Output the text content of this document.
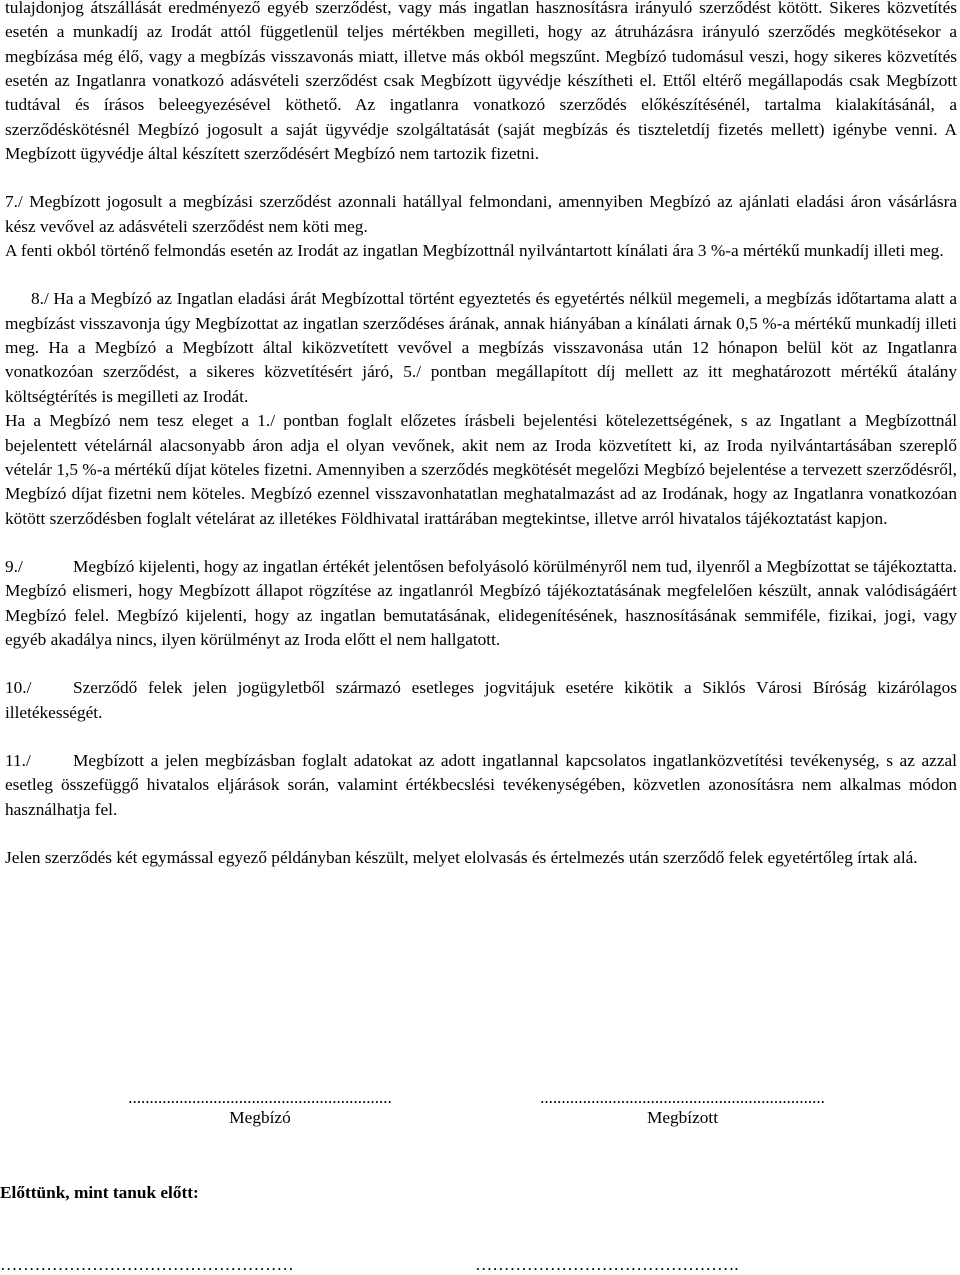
tulajdonjog átszállását eredményező egyéb szerződést, vagy más ingatlan hasznosításra irányuló szerződést kötött. Sikeres közvetítés esetén a munkadíj az Irodát attól függetlenül teljes mértékben megilleti, hogy az átruházásra irányuló szerződés megkötésekor a megbízása még élő, vagy a megbízás visszavonás miatt, illetve más okból megszűnt. Megbízó tudomásul veszi, hogy sikeres közvetítés esetén az Ingatlanra vonatkozó adásvételi szerződést csak Megbízott ügyvédje készítheti el. Ettől eltérő megállapodás csak Megbízott tudtával és írásos beleegyezésével köthető. Az ingatlanra vonatkozó szerződés előkészítésénél, tartalma kialakításánál, a szerződéskötésnél Megbízó jogosult a saját ügyvédje szolgáltatását (saját megbízás és tiszteletdíj fizetés mellett) igénybe venni. A Megbízott ügyvédje által készített szerződésért Megbízó nem tartozik fizetni.

7./ Megbízott jogosult a megbízási szerződést azonnali hatállyal felmondani, amennyiben Megbízó az ajánlati eladási áron vásárlásra kész vevővel az adásvételi szerződést nem köti meg.

A fenti okból történő felmondás esetén az Irodát az ingatlan Megbízottnál nyilvántartott kínálati ára 3 %-a mértékű munkadíj illeti meg.

8./ Ha a Megbízó az Ingatlan eladási árát Megbízottal történt egyeztetés és egyetértés nélkül megemeli, a megbízás időtartama alatt a megbízást visszavonja úgy Megbízottat az ingatlan szerződéses árának, annak hiányában a kínálati árnak 0,5 %-a mértékű munkadíj illeti meg. Ha a Megbízó a Megbízott által kiközvetített vevővel a megbízás visszavonása után 12 hónapon belül köt az Ingatlanra vonatkozóan szerződést, a sikeres közvetítésért járó, 5./ pontban megállapított díj mellett az itt meghatározott mértékű átalány költségtérítés is megilleti az Irodát.

Ha a Megbízó nem tesz eleget a 1./ pontban foglalt előzetes írásbeli bejelentési kötelezettségének, s az Ingatlant a Megbízottnál bejelentett vételárnál alacsonyabb áron adja el olyan vevőnek, akit nem az Iroda közvetített ki, az Iroda nyilvántartásában szereplő vételár 1,5 %-a mértékű díjat köteles fizetni. Amennyiben a szerződés megkötését megelőzi Megbízó bejelentése a tervezett szerződésről, Megbízó díjat fizetni nem köteles. Megbízó ezennel visszavonhatatlan meghatalmazást ad az Irodának, hogy az Ingatlanra vonatkozóan kötött szerződésben foglalt vételárat az illetékes Földhivatal irattárában megtekintse, illetve arról hivatalos tájékoztatást kapjon.

9./	Megbízó kijelenti, hogy az ingatlan értékét jelentősen befolyásoló körülményről nem tud, ilyenről a Megbízottat se tájékoztatta. Megbízó elismeri, hogy Megbízott állapot rögzítése az ingatlanról Megbízó tájékoztatásának megfelelően készült, annak valódiságáért Megbízó felel. Megbízó kijelenti, hogy az ingatlan bemutatásának, elidegenítésének, hasznosításának semmiféle, fizikai, jogi, vagy egyéb akadálya nincs, ilyen körülményt az Iroda előtt el nem hallgatott.

10./ Szerződő felek jelen jogügyletből származó esetleges jogvitájuk esetére kikötik a Siklós Városi Bíróság kizárólagos illetékességét.

11./ Megbízott a jelen megbízásban foglalt adatokat az adott ingatlannal kapcsolatos ingatlanközvetítési tevékenység, s az azzal esetleg összefüggő hivatalos eljárások során, valamint értékbecslési tevékenységében, közvetlen azonosításra nem alkalmas módon használhatja fel.

Jelen szerződés két egymással egyező példányban készült, melyet elolvasás és értelmezés után szerződő felek egyetértőleg írtak alá.

..............................................................
Megbízó
...................................................................
Megbízott
Előttünk, mint tanuk előtt:
……………………………………………	……………………………………….
